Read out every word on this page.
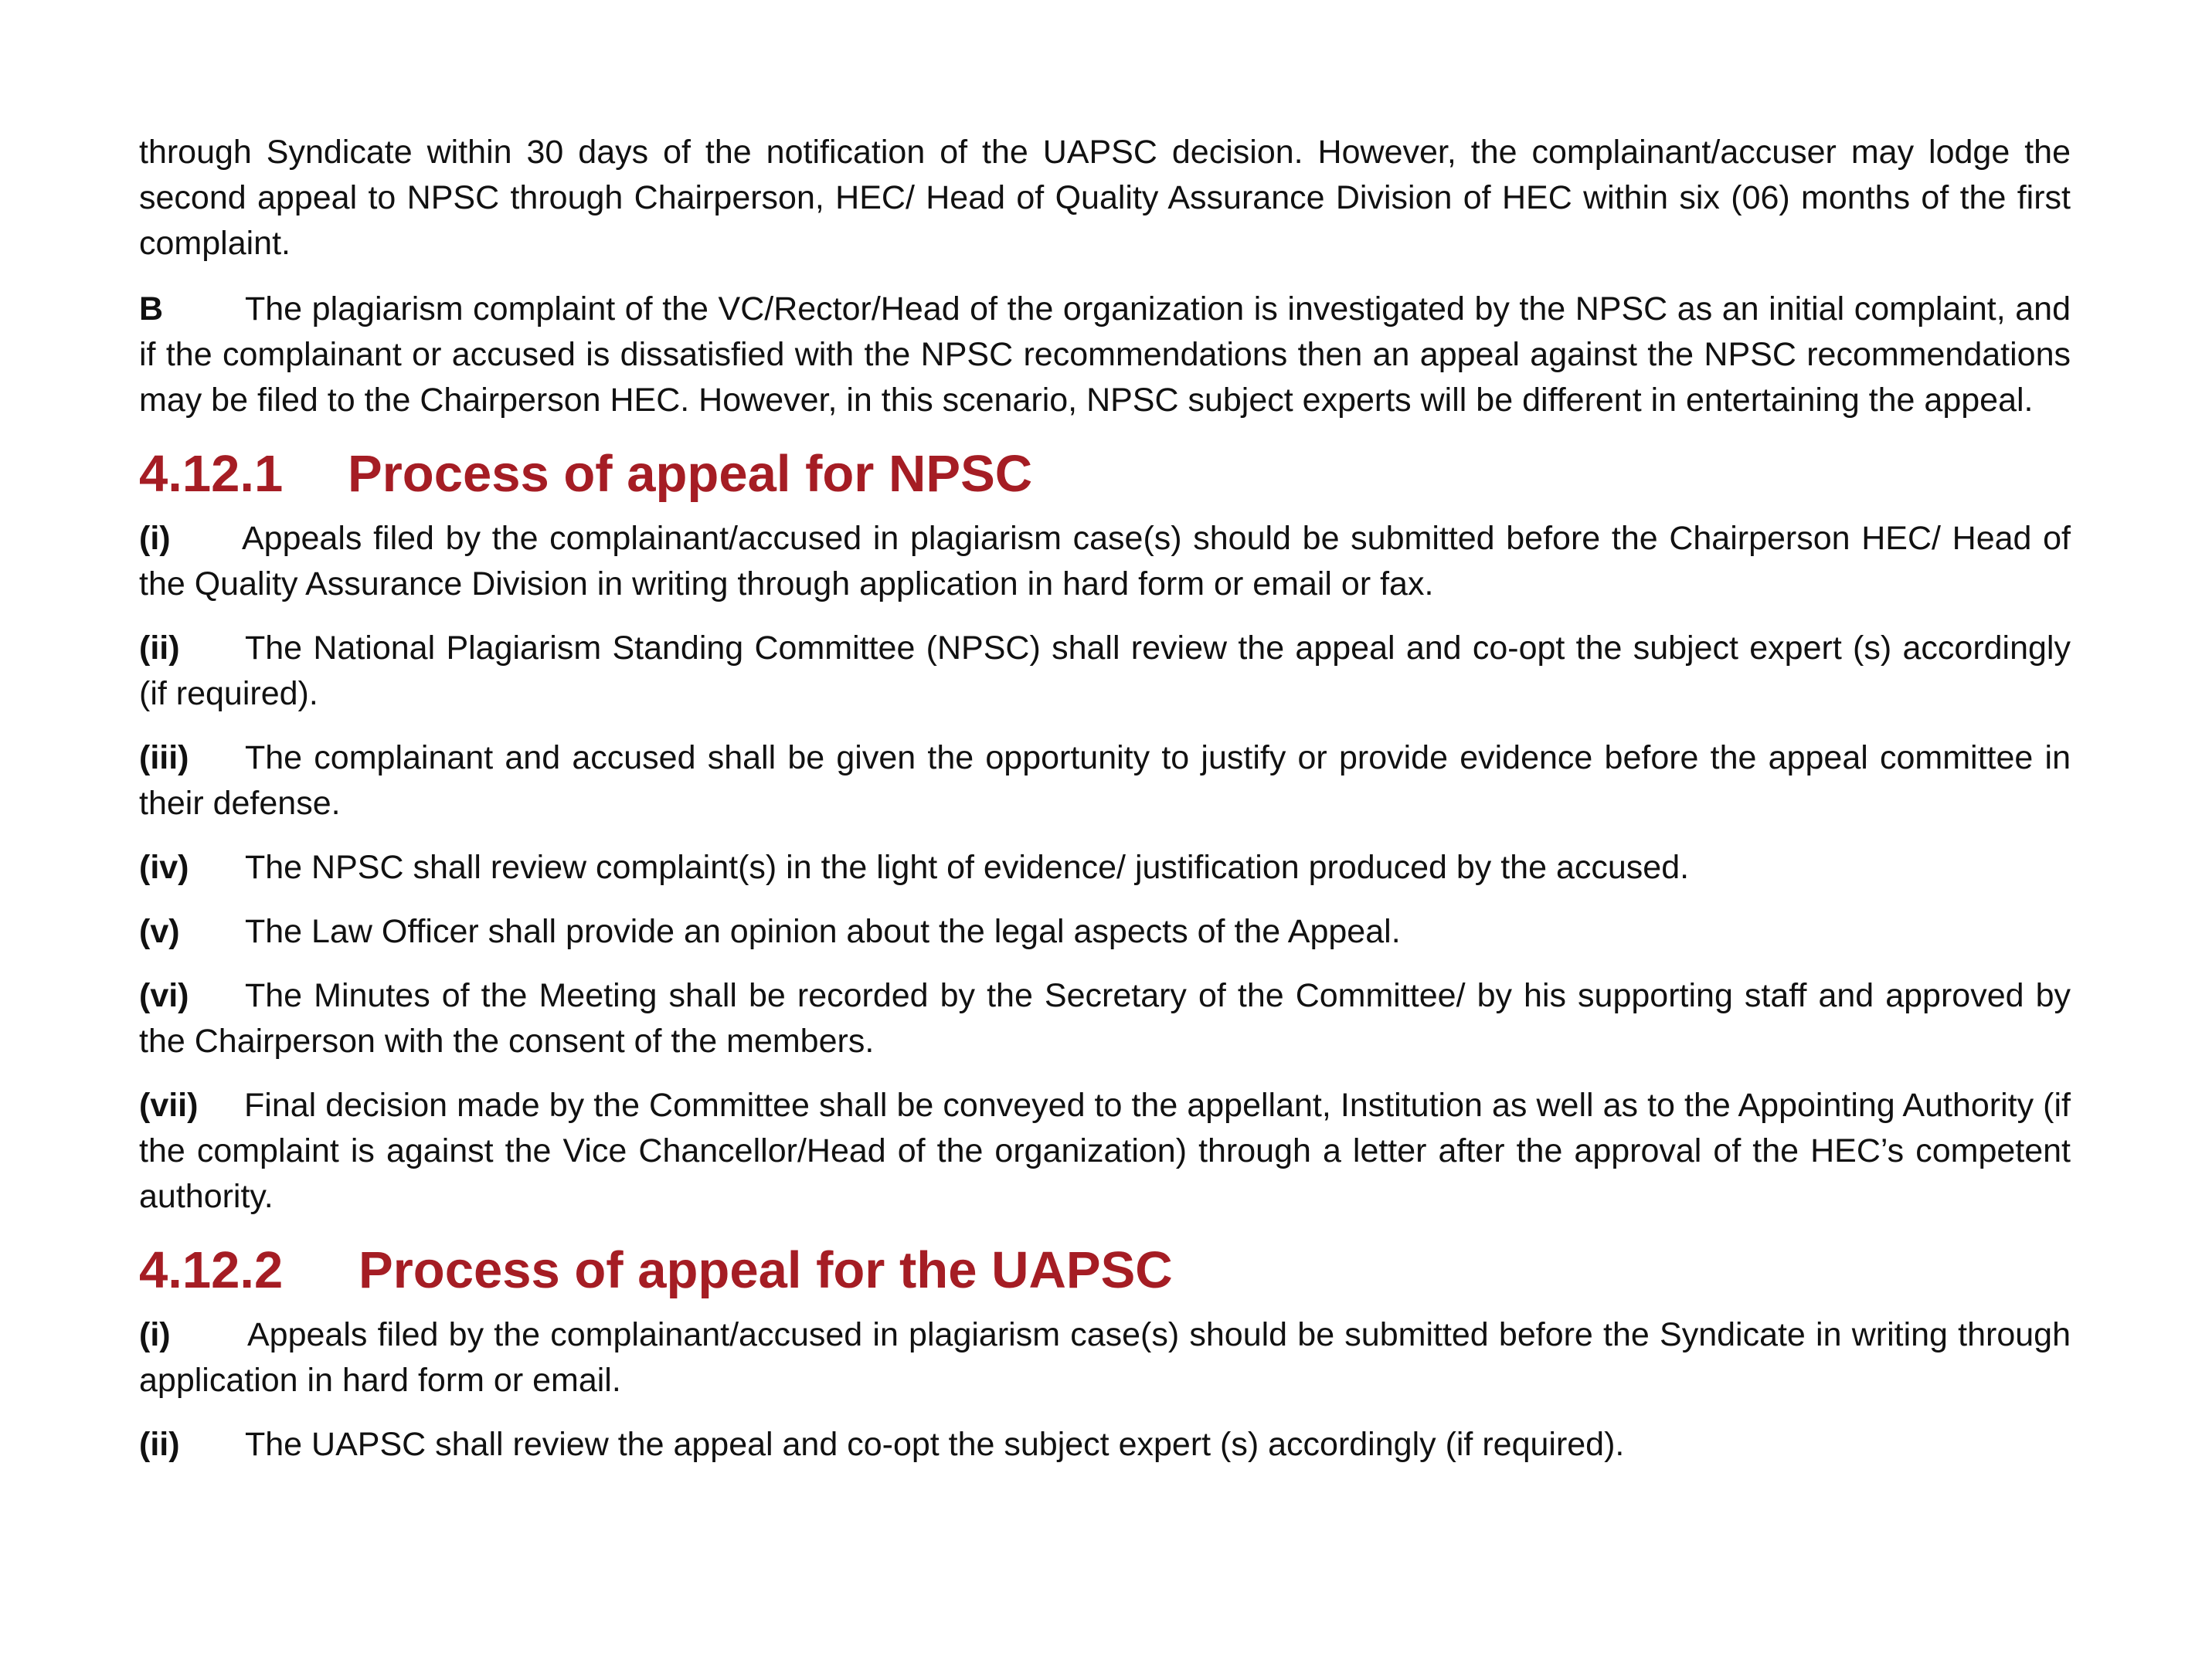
through Syndicate within 30 days of the notification of the UAPSC decision. However, the complainant/accuser may lodge the second appeal to NPSC through Chairperson, HEC/ Head of Quality Assurance Division of HEC within six (06) months of the first complaint.

B The plagiarism complaint of the VC/Rector/Head of the organization is investigated by the NPSC as an initial complaint, and if the complainant or accused is dissatisfied with the NPSC recommendations then an appeal against the NPSC recommendations may be filed to the Chairperson HEC. However, in this scenario, NPSC subject experts will be different in entertaining the appeal.

4.12.1 Process of appeal for NPSC

(i) Appeals filed by the complainant/accused in plagiarism case(s) should be submitted before the Chairperson HEC/ Head of the Quality Assurance Division in writing through application in hard form or email or fax.

(ii) The National Plagiarism Standing Committee (NPSC) shall review the appeal and co-opt the subject expert (s) accordingly (if required).

(iii) The complainant and accused shall be given the opportunity to justify or provide evidence before the appeal committee in their defense.

(iv) The NPSC shall review complaint(s) in the light of evidence/ justification produced by the accused.

(v) The Law Officer shall provide an opinion about the legal aspects of the Appeal.

(vi) The Minutes of the Meeting shall be recorded by the Secretary of the Committee/ by his supporting staff and approved by the Chairperson with the consent of the members.

(vii) Final decision made by the Committee shall be conveyed to the appellant, Institution as well as to the Appointing Authority (if the complaint is against the Vice Chancellor/Head of the organization) through a letter after the approval of the HEC’s competent authority.

4.12.2 Process of appeal for the UAPSC

(i) Appeals filed by the complainant/accused in plagiarism case(s) should be submitted before the Syndicate in writing through application in hard form or email.

(ii) The UAPSC shall review the appeal and co-opt the subject expert (s) accordingly (if required).
